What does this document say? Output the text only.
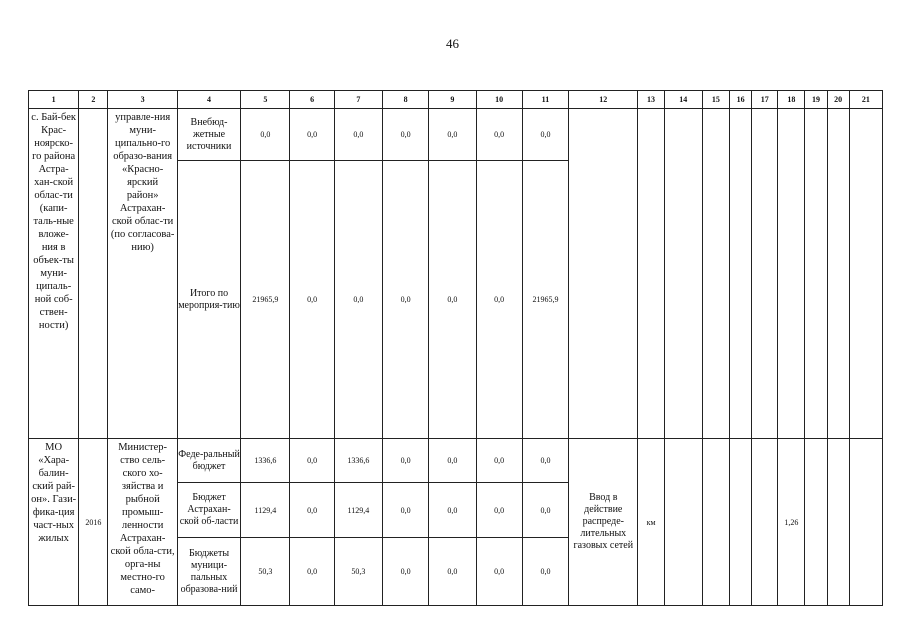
46
1	2	3	4	5	6	7	8	9	10	11	12	13	14	15	16	17	18	19	20	21
с. Бай-бек Крас-ноярско-го района Астра-хан-ской облас-ти (капи-таль-ные вложе-ния в объек-ты муни-ципаль-ной соб-ствен-ности)		управле-ния муни-ципально-го образо-вания «Красно-ярский район» Астрахан-ской облас-ти (по согласова-нию)	Внебюд-жетные источники	0,0	0,0	0,0	0,0	0,0	0,0	0,0										
			Итого по мероприя-тию	21965,9	0,0	0,0	0,0	0,0	0,0	21965,9										
МО «Хара-балин-ский рай-он». Гази-фика-ция част-ных жилых	2016	Министер-ство сель-ского хо-зяйства и рыбной промыш-ленности Астрахан-ской обла-сти, орга-ны местно-го само-	Феде-ральный бюджет	1336,6	0,0	1336,6	0,0	0,0	0,0	0,0	Ввод в действие распреде-лительных газовых сетей	км					1,26			
			Бюджет Астрахан-ской об-ласти	1129,4	0,0	1129,4	0,0	0,0	0,0	0,0										
			Бюджеты муници-пальных образова-ний	50,3	0,0	50,3	0,0	0,0	0,0	0,0										
